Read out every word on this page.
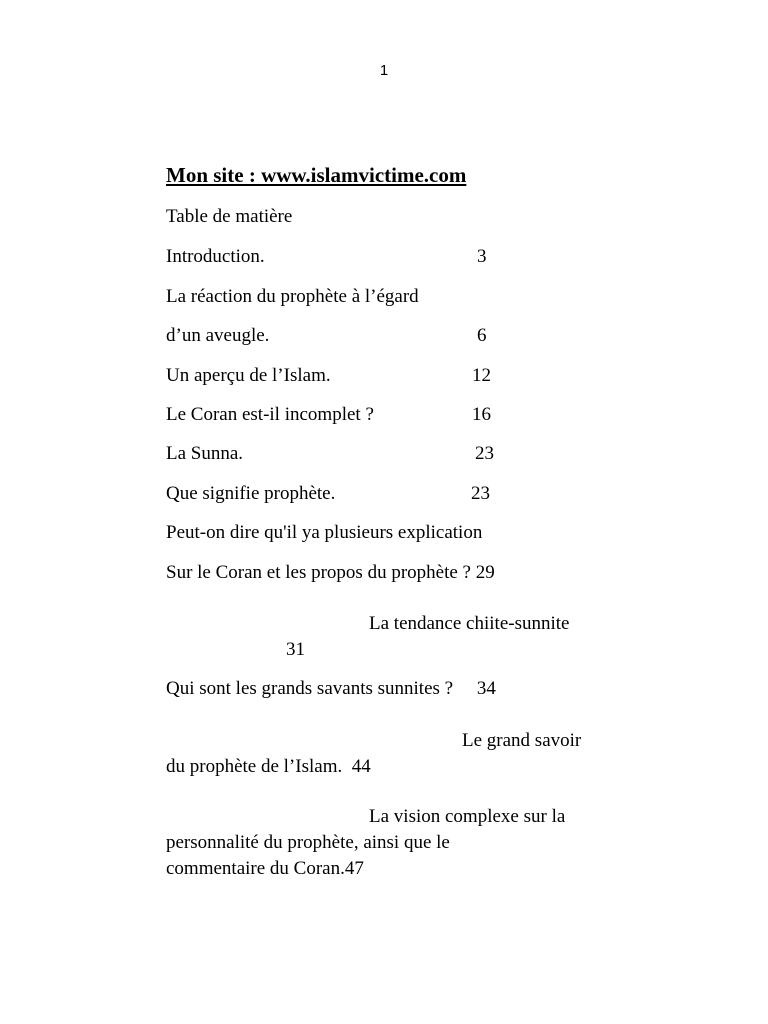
1
Mon site : www.islamvictime.com
Table de matière
Introduction.	3
La réaction du prophète à l’égard
d’un aveugle.	6
Un aperçu de l’Islam.	12
Le Coran est-il incomplet ?	16
La Sunna.	23
Que signifie prophète.	23
Peut-on dire qu'il ya plusieurs explication
Sur le Coran et les propos du prophète ? 29
La tendance chiite-sunnite
31
Qui sont les grands savants sunnites ?     34
Le grand savoir
du prophète de l’Islam.  44
La vision complexe sur la
personnalité du prophète, ainsi que le
commentaire du Coran.47
